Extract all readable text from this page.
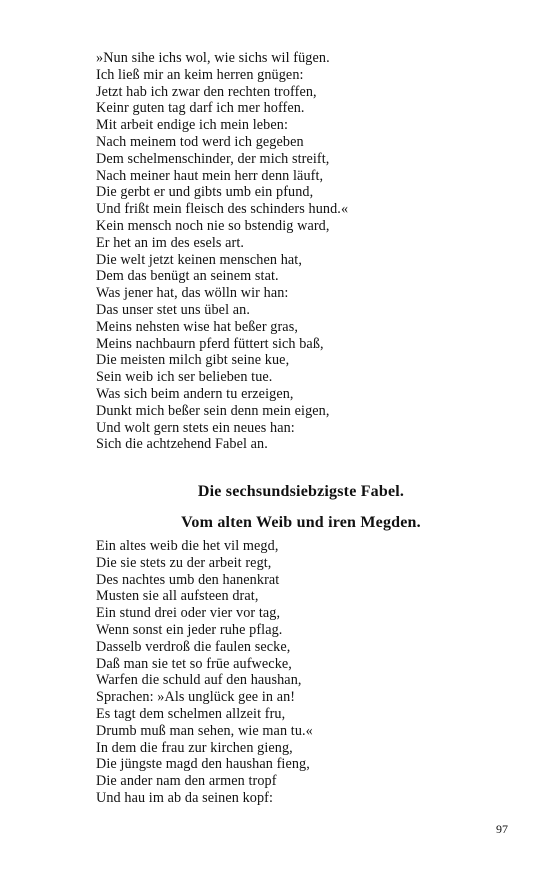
»Nun sihe ichs wol, wie sichs wil fügen.
Ich ließ mir an keim herren gnügen:
Jetzt hab ich zwar den rechten troffen,
Keinr guten tag darf ich mer hoffen.
Mit arbeit endige ich mein leben:
Nach meinem tod werd ich gegeben
Dem schelmenschinder, der mich streift,
Nach meiner haut mein herr denn läuft,
Die gerbt er und gibts umb ein pfund,
Und frißt mein fleisch des schinders hund.«
Kein mensch noch nie so bstendig ward,
Er het an im des esels art.
Die welt jetzt keinen menschen hat,
Dem das benügt an seinem stat.
Was jener hat, das wölln wir han:
Das unser stet uns übel an.
Meins nehsten wise hat beßer gras,
Meins nachbaurn pferd füttert sich baß,
Die meisten milch gibt seine kue,
Sein weib ich ser belieben tue.
Was sich beim andern tu erzeigen,
Dunkt mich beßer sein denn mein eigen,
Und wolt gern stets ein neues han:
Sich die achtzehend Fabel an.
Die sechsundsiebzigste Fabel.
Vom alten Weib und iren Megden.
Ein altes weib die het vil megd,
Die sie stets zu der arbeit regt,
Des nachtes umb den hanenkrat
Musten sie all aufsteen drat,
Ein stund drei oder vier vor tag,
Wenn sonst ein jeder ruhe pflag.
Dasselb verdroß die faulen secke,
Daß man sie tet so frūe aufwecke,
Warfen die schuld auf den haushan,
Sprachen: »Als unglück gee in an!
Es tagt dem schelmen allzeit fru,
Drumb muß man sehen, wie man tu.«
In dem die frau zur kirchen gieng,
Die jüngste magd den haushan fieng,
Die ander nam den armen tropf
Und hau im ab da seinen kopf:
97
